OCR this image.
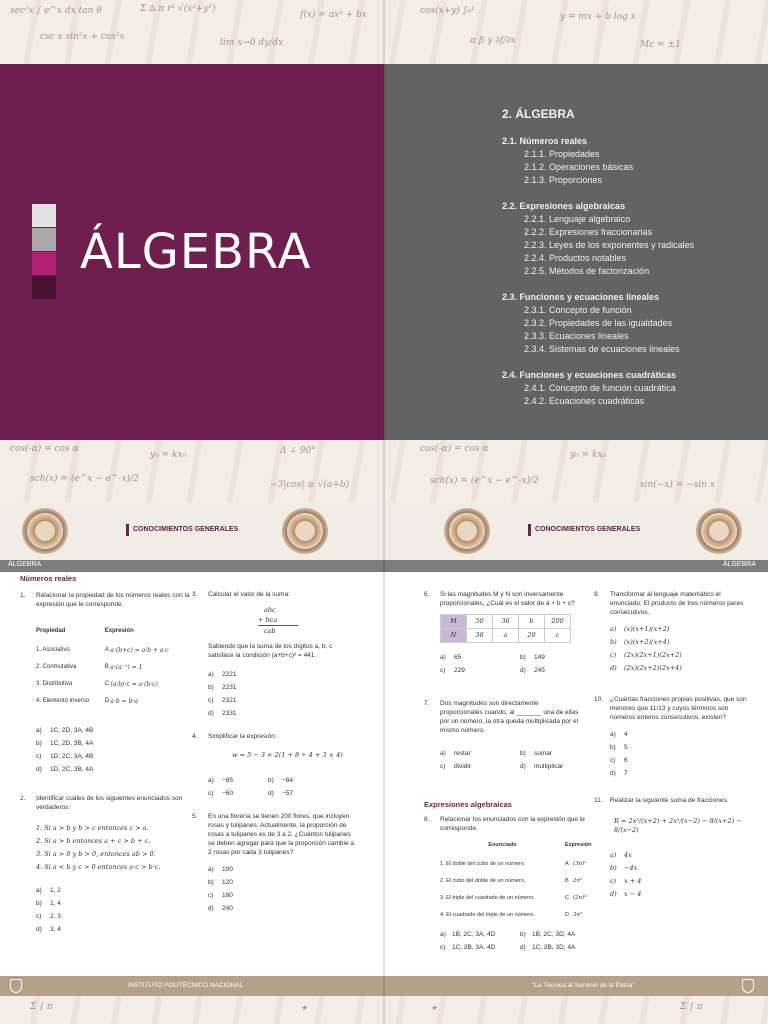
sec²x ∫ e^x dx tan θ	Σ ∆ π r² √(x²+y²)
f(x) = ax² + bx	cos(x+y) ∫₀¹
y = mx + b log x
csc x sin²x + cos²x
lim x→0 dy/dx	α β γ ∂f/∂x	Mc = ±1
ÁLGEBRA
2. ÁLGEBRA
2.1. Números reales
2.1.1. Propiedades
2.1.2. Operaciones básicas
2.1.3. Proporciones
2.2. Expresiones algebraicas
2.2.1. Lenguaje algebraico
2.2.2. Expresiones fraccionarias
2.2.3. Leyes de los exponentes y radicales
2.2.4. Productos notables
2.2.5. Métodos de factorización
2.3. Funciones y ecuaciones lineales
2.3.1. Concepto de función
2.3.2. Propiedades de las igualdades
2.3.3. Ecuaciones lineales
2.3.4. Sistemas de ecuaciones lineales
2.4. Funciones y ecuaciones cuadráticas
2.4.1. Concepto de función cuadrática
2.4.2. Ecuaciones cuadráticas
cos(-α) = cos α
y₀ = kx₀	Δ ∠ 90°	cos(-α) = cos α
y₀ = kx₀
sch(x) = (e^x − e^-x)/2
−3|cos| ≥ √(a+b)	sch(x) = (e^x − e^-x)/2	sin(−x) = −sin x
CONOCIMIENTOS GENERALES	CONOCIMIENTOS GENERALES
ÁLGEBRA	ÁLGEBRA
Números reales
1. Relacionar la propiedad de los números reales con la expresión que le corresponde.
Propiedad	Expresión	
1. Asociativo	A	a·(b+c) = a·b + a·c
2. Conmutativa	B	a·(a⁻¹) = 1
3. Distributiva	C	(a·b)·c = a·(b·c)
4. Elemento inverso	D	a·b = b·a
a) 1C, 2D, 3A, 4B
b) 1C, 2D, 3B, 4A
c) 1D, 2C, 3A, 4B
d) 1D, 2C, 3B, 4A
2. Identificar cuáles de los siguientes enunciados son verdaderos:
1. Si a > b y b > c entonces c > a.
2. Si a > b entonces a + c > b + c.
3. Si a > 0 y b > 0, entonces ab > 0.
4. Si a < b y c > 0 entonces a·c > b·c.
a) 1, 2
b) 1, 4
c) 2, 3
d) 3, 4
3. Calcular el valor de la suma:
abc
+ bca
cab
Sabiendo que la suma de los dígitos a, b, c satisface la condición (a+b+c)² = 441.
a) 2221
b) 2231
c) 2321
d) 2331
4. Simplificar la expresión:
w = 5 − 3 × 2(1 + 8 ÷ 4 + 3 × 4)
a) −85	b) −84
c) −60	d) −57
5. En una florería se tienen 200 flores, que incluyen rosas y tulipanes. Actualmente, la proporción de rosas a tulipanes es de 3 a 2. ¿Cuántos tulipanes se deben agregar para que la proporción cambie a 2 rosas por cada 3 tulipanes?
a) 100
b) 120
c) 180
d) 240
6. Si las magnitudes M y N son inversamente proporcionales, ¿Cuál es el valor de a + b + c?
M	50	36	b	200
N	36	a	20	c
a) 65	b) 149
c) 229	d) 245
7. Dos magnitudes son directamente proporcionales cuando, al _______ una de ellas por un número, la otra queda multiplicada por el mismo número.
a) restar	b) sumar
c) dividir	d) multiplicar
Expresiones algebraicas
8. Relacionar los enunciados con la expresión que le corresponde.
Enunciado	Expresión	
1. El doble del cubo de un número.	A	(3n)²
2. El cubo del doble de un número.	B	2n³
3. El triple del cuadrado de un número.	C	(2n)³
4. El cuadrado del triple de un número.	D	3n²
a) 1B, 2C, 3A, 4D	b) 1B, 2C, 3D, 4A
c) 1C, 2B, 3A, 4D	d) 1C, 2B, 3D, 4A
9. Transformar al lenguaje matemático el enunciado: El producto de tres números pares consecutivos.
a) (x)(x+1)(x+2)
b) (x)(x+2)(x+4)
c) (2x)(2x+1)(2x+2)
d) (2x)(2x+2)(2x+4)
10. ¿Cuántas fracciones propias positivas, que son menores que 11/13 y cuyos términos son números enteros consecutivos, existen?
a) 4
b) 5
c) 6
d) 7
11. Realizar la siguiente suma de fracciones.
R = 2x²/(x+2) + 2x²/(x−2) − 8/(x+2) − 8/(x−2)
a) 4x
b) −4x
c) x + 4
d) x − 4
INSTITUTO POLITÉCNICO NACIONAL	"La Técnica al Servicio de la Patria"
Σ ∫ π	✦	✦	Σ ∫ π
